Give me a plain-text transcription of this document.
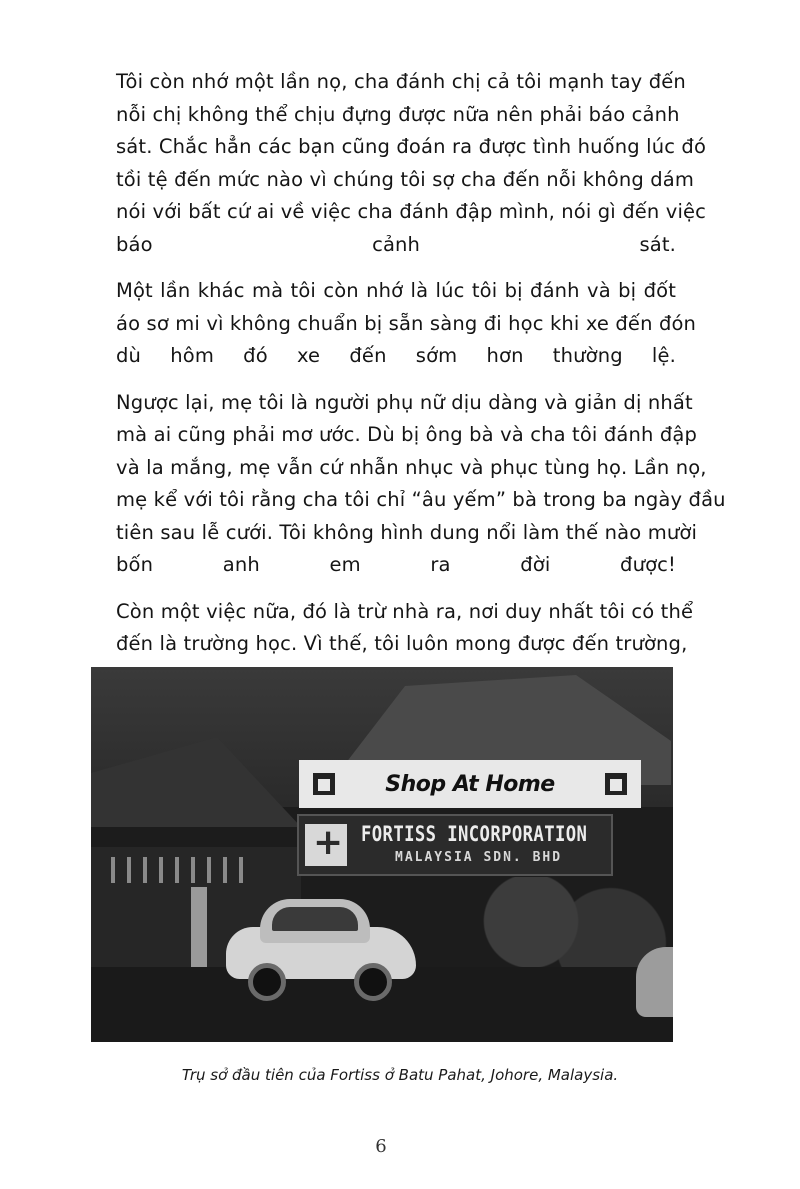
Tôi còn nhớ một lần nọ, cha đánh chị cả tôi mạnh tay đến
nỗi chị không thể chịu đựng được nữa nên phải báo cảnh
sát. Chắc hẳn các bạn cũng đoán ra được tình huống lúc đó
tồi tệ đến mức nào vì chúng tôi sợ cha đến nỗi không dám
nói với bất cứ ai về việc cha đánh đập mình, nói gì đến việc
báo cảnh sát.

Một lần khác mà tôi còn nhớ là lúc tôi bị đánh và bị đốt
áo sơ mi vì không chuẩn bị sẵn sàng đi học khi xe đến đón
dù hôm đó xe đến sớm hơn thường lệ.

Ngược lại, mẹ tôi là người phụ nữ dịu dàng và giản dị nhất
mà ai cũng phải mơ ước. Dù bị ông bà và cha tôi đánh đập
và la mắng, mẹ vẫn cứ nhẫn nhục và phục tùng họ. Lần nọ,
mẹ kể với tôi rằng cha tôi chỉ “âu yếm” bà trong ba ngày đầu
tiên sau lễ cưới. Tôi không hình dung nổi làm thế nào mười
bốn anh em ra đời được!

Còn một việc nữa, đó là trừ nhà ra, nơi duy nhất tôi có thể
đến là trường học. Vì thế, tôi luôn mong được đến trường,

Shop At Home
+
FORTISS INCORPORATION
MALAYSIA SDN. BHD
Trụ sở đầu tiên của Fortiss ở Batu Pahat, Johore, Malaysia.
6
